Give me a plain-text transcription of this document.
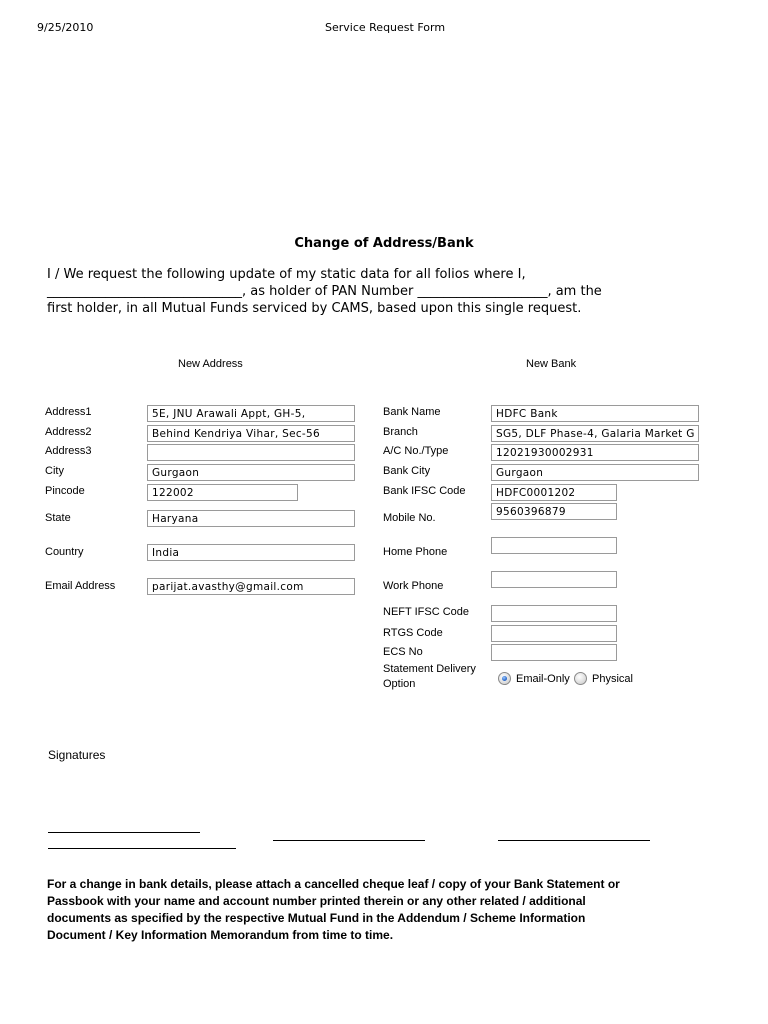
9/25/2010	Service Request Form
Change of Address/Bank
I / We request the following update of my static data for all folios where I,
______________________________, as holder of PAN Number ____________________, am the
first holder, in all Mutual Funds serviced by CAMS, based upon this single request.
New Address	New Bank
Address1	5E, JNU Arawali Appt, GH-5,
Address2	Behind Kendriya Vihar, Sec-56
Address3
City	Gurgaon
Pincode	122002
State	Haryana
Country	India
Email Address	parijat.avasthy@gmail.com
Bank Name	HDFC Bank
Branch	SG5, DLF Phase-4, Galaria Market G
A/C No./Type	12021930002931
Bank City	Gurgaon
Bank IFSC Code	HDFC0001202
Mobile No.	9560396879
Home Phone
Work Phone
NEFT IFSC Code
RTGS Code
ECS No
Statement Delivery
Option	Email-Only Physical
Signatures
For a change in bank details, please attach a cancelled cheque leaf / copy of your Bank Statement or
Passbook with your name and account number printed therein or any other related / additional
documents as specified by the respective Mutual Fund in the Addendum / Scheme Information
Document / Key Information Memorandum from time to time.
